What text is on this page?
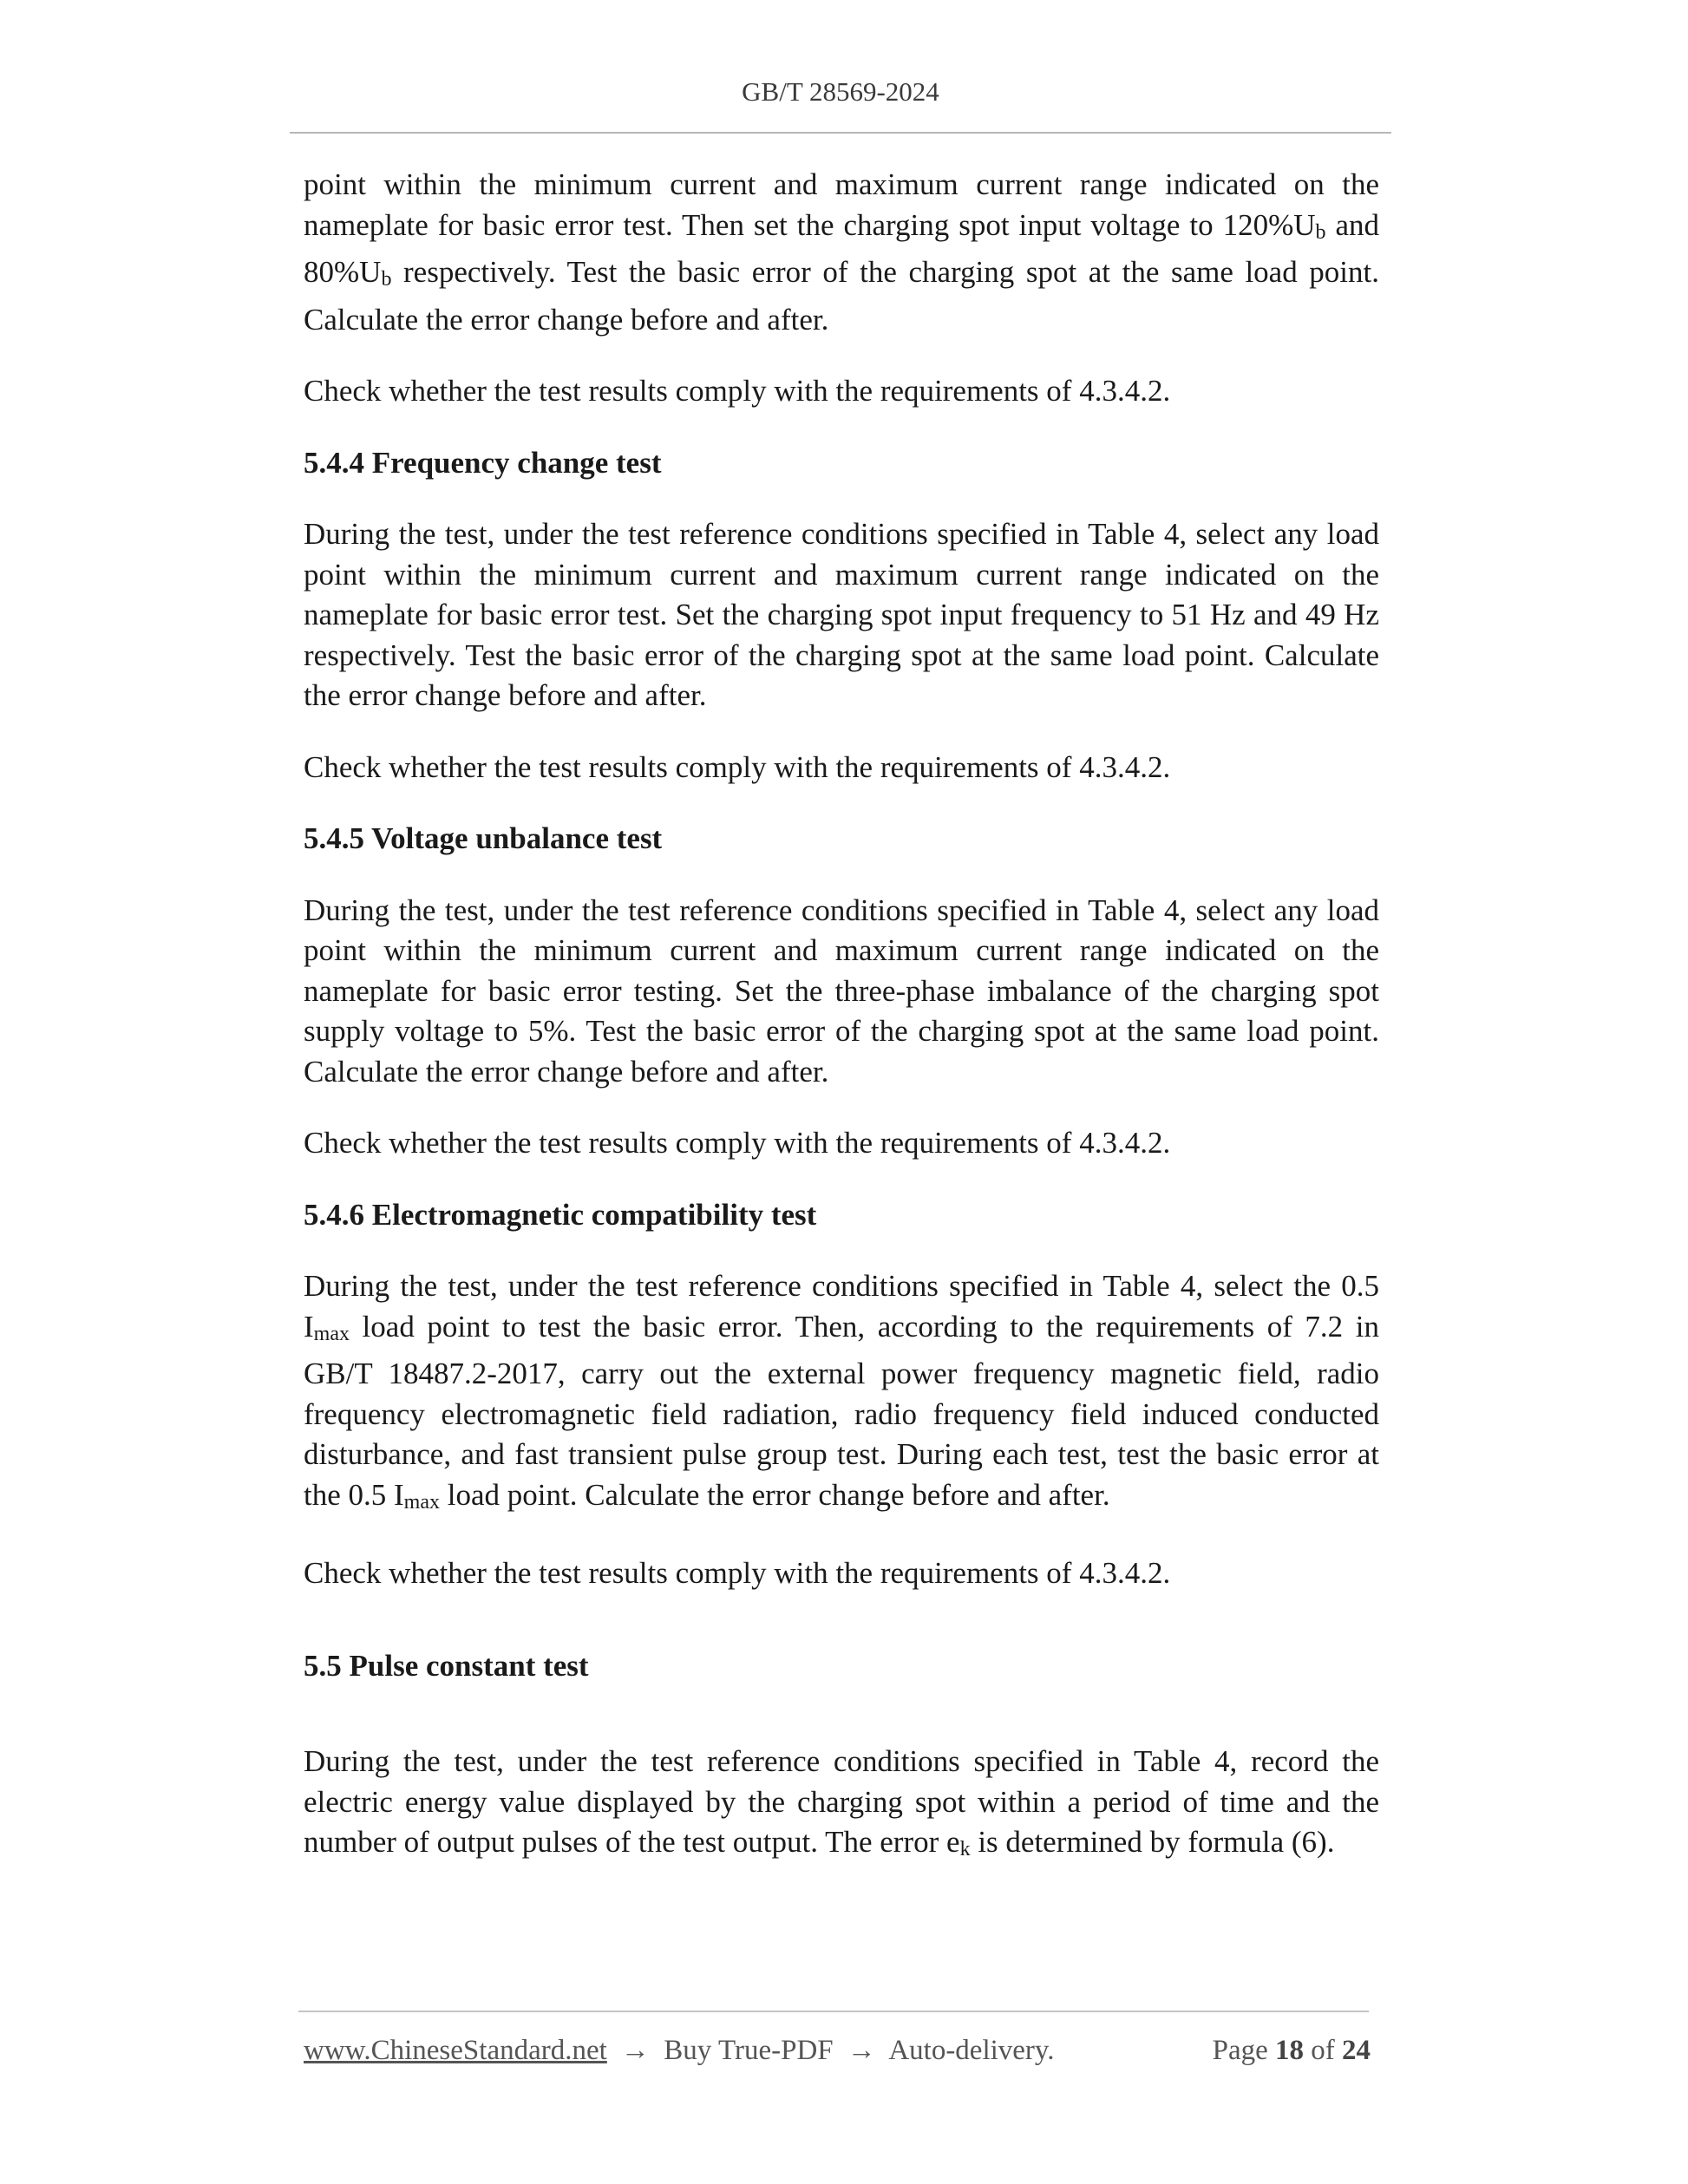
GB/T 28569-2024

point within the minimum current and maximum current range indicated on the nameplate for basic error test. Then set the charging spot input voltage to $120\%U_b$ and $80\%U_b$ respectively. Test the basic error of the charging spot at the same load point. Calculate the error change before and after.

Check whether the test results comply with the requirements of 4.3.4.2.

5.4.4 Frequency change test

During the test, under the test reference conditions specified in Table 4, select any load point within the minimum current and maximum current range indicated on the nameplate for basic error test. Set the charging spot input frequency to 51 Hz and 49 Hz respectively. Test the basic error of the charging spot at the same load point. Calculate the error change before and after.

Check whether the test results comply with the requirements of 4.3.4.2.

5.4.5 Voltage unbalance test

During the test, under the test reference conditions specified in Table 4, select any load point within the minimum current and maximum current range indicated on the nameplate for basic error testing. Set the three-phase imbalance of the charging spot supply voltage to 5%. Test the basic error of the charging spot at the same load point. Calculate the error change before and after.

Check whether the test results comply with the requirements of 4.3.4.2.

5.4.6 Electromagnetic compatibility test

During the test, under the test reference conditions specified in Table 4, select the 0.5 $I_{max}$ load point to test the basic error. Then, according to the requirements of 7.2 in GB/T 18487.2-2017, carry out the external power frequency magnetic field, radio frequency electromagnetic field radiation, radio frequency field induced conducted disturbance, and fast transient pulse group test. During each test, test the basic error at the 0.5 $I_{max}$ load point. Calculate the error change before and after.

Check whether the test results comply with the requirements of 4.3.4.2.

5.5 Pulse constant test

During the test, under the test reference conditions specified in Table 4, record the electric energy value displayed by the charging spot within a period of time and the number of output pulses of the test output. The error $e_k$ is determined by formula (6).

www.ChineseStandard.net → Buy True-PDF → Auto-delivery.	Page 18 of 24
